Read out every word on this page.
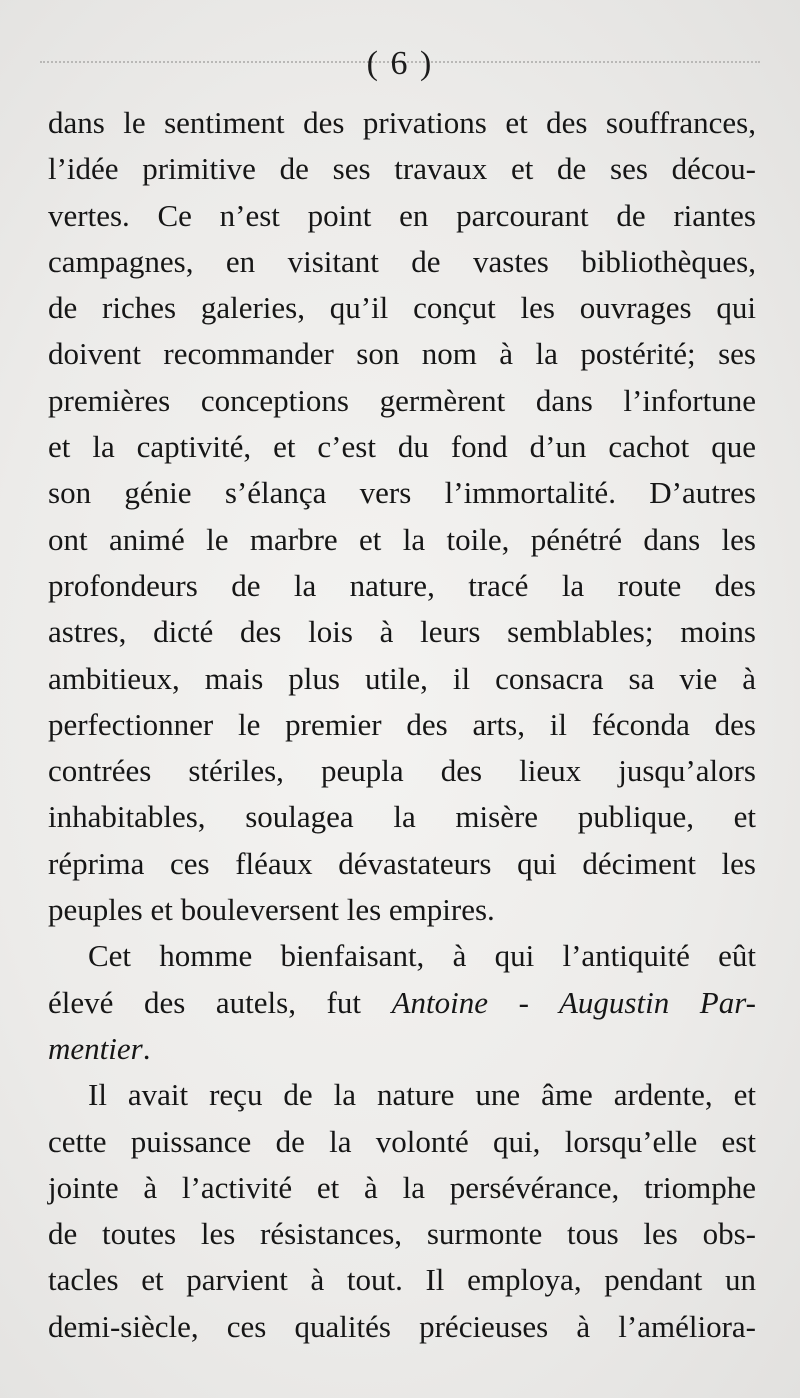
( 6 )
dans le sentiment des privations et des souffrances,
l’idée primitive de ses travaux et de ses décou-
vertes. Ce n’est point en parcourant de riantes
campagnes, en visitant de vastes bibliothèques,
de riches galeries, qu’il conçut les ouvrages qui
doivent recommander son nom à la postérité; ses
premières conceptions germèrent dans l’infortune
et la captivité, et c’est du fond d’un cachot que
son génie s’élança vers l’immortalité. D’autres
ont animé le marbre et la toile, pénétré dans les
profondeurs de la nature, tracé la route des
astres, dicté des lois à leurs semblables; moins
ambitieux, mais plus utile, il consacra sa vie à
perfectionner le premier des arts, il féconda des
contrées stériles, peupla des lieux jusqu’alors
inhabitables, soulagea la misère publique, et
réprima ces fléaux dévastateurs qui déciment les
peuples et bouleversent les empires.
Cet homme bienfaisant, à qui l’antiquité eût
élevé des autels, fut Antoine - Augustin Par-
mentier.
Il avait reçu de la nature une âme ardente, et
cette puissance de la volonté qui, lorsqu’elle est
jointe à l’activité et à la persévérance, triomphe
de toutes les résistances, surmonte tous les obs-
tacles et parvient à tout. Il employa, pendant un
demi-siècle, ces qualités précieuses à l’améliora-
